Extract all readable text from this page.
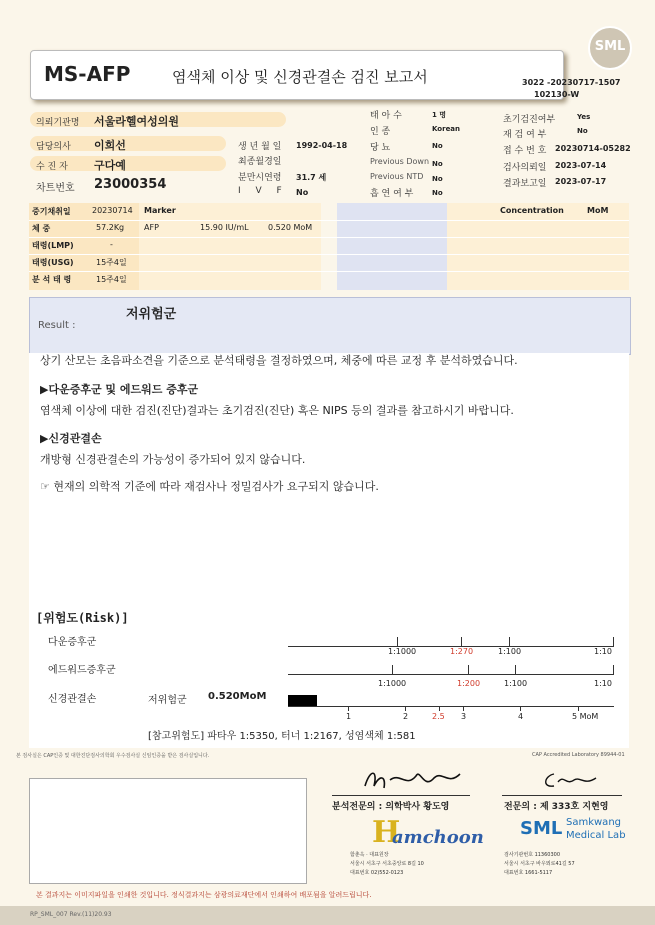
SML
MS-AFP	염색체 이상 및 신경관결손 검진 보고서	3022 -20230717-1507
102130-W
의뢰기관명 서울라헬여성의원
담당의사 이희선
수 진 자 구다예
차트번호 23000354
생 년 월 일 1992-04-18
최종월경일
분만시연령 31.7 세
I V F No
태 아 수	1 명
인 종	Korean
당 뇨	No
Previous Down No
Previous NTD No
흡 연 여 부	No
초기검진여부	Yes
재 검 여 부	No
접 수 번 호 20230714-05282
검사의뢰일 2023-07-14
결과보고일 2023-07-17
중기채취일	20230714
체 중	57.2Kg
태령(LMP)	-
태령(USG)	15주4일
분 석 태 령	15주4일
Marker
AFP	15.90 IU/mL 0.520 MoM
Concentration	MoM
Result :
저위험군
상기 산모는 초음파소견을 기준으로 분석태령을 결정하였으며, 체중에 따른 교정 후 분석하였습니다.
▶다운증후군 및 에드워드 증후군
염색체 이상에 대한 검진(진단)결과는 초기검진(진단) 혹은 NIPS 등의 결과를 참고하시기 바랍니다.
▶신경관결손
개방형 신경관결손의 가능성이 증가되어 있지 않습니다.
☞ 현재의 의학적 기준에 따라 재검사나 정밀검사가 요구되지 않습니다.
[위험도(Risk)]
다운증후군
1:1000	1:270	1:100	1:10
에드워드증후군
1:1000	1:200	1:100	1:10
신경관결손	저위험군 0.520MoM
1	2	2.5 3	4	5 MoM
[참고위험도] 파타우 1:5350, 터너 1:2167, 성염색체 1:581
본 검사실은 CAP인증 및 대한진단검사의학회 우수검사실 신임인증을 받은 검사실입니다.	CAP Accredited Laboratory 89944-01
분석전문의 : 의학박사 황도영	전문의 : 제 333호 지현영
H
amchoon
함춘옥 · 대표원장
서울시 서초구 서초중앙로 8길 10
대표번호 02)552-0123
SML Samkwang
Medical Lab
검사기관번호 11360300
서울시 서초구 바우뫼로41길 57
대표번호 1661-5117
본 결과지는 이미지파일을 인쇄한 것입니다. 정식결과지는 삼광의료재단에서 인쇄하여 배포됨을 알려드립니다.
RP_SML_007 Rev.(11)20.93
